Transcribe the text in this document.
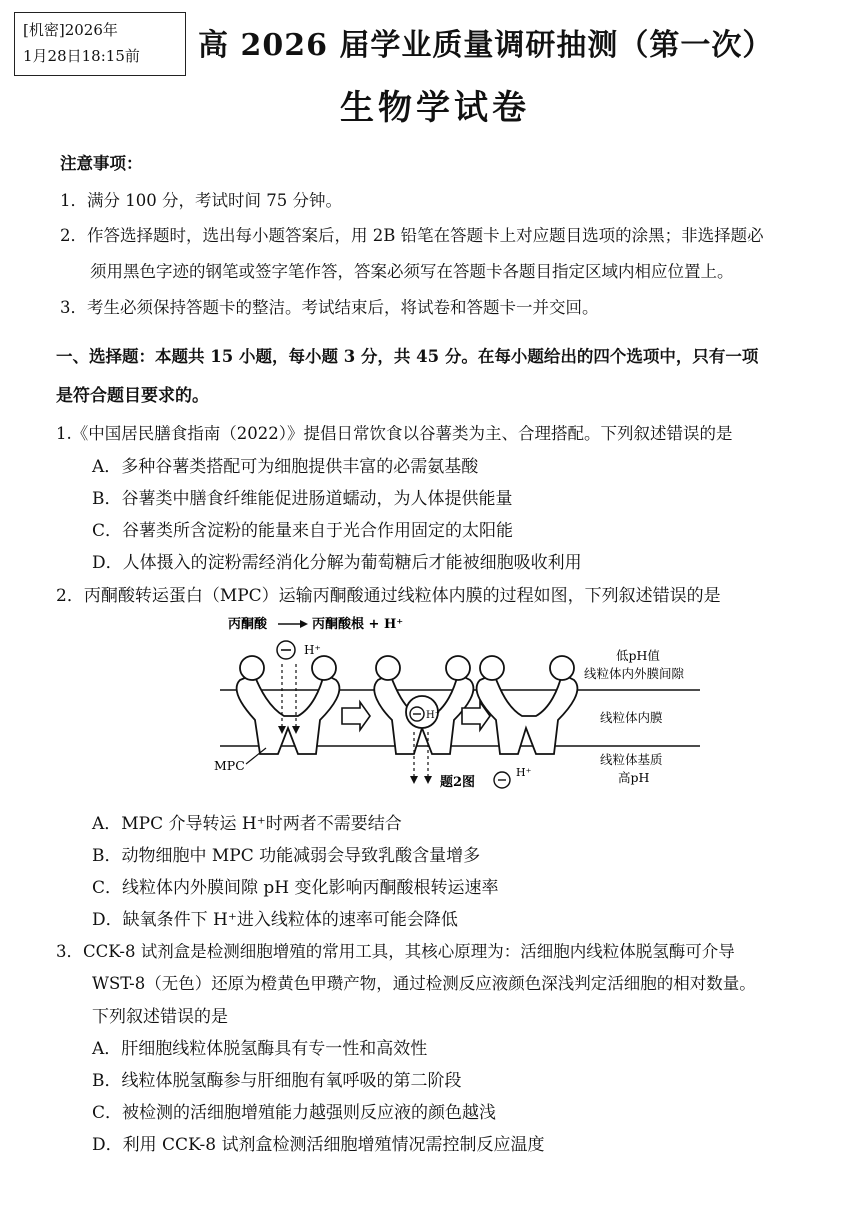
[机密]2026年
1月28日18:15前	高 2026 届学业质量调研抽测（第一次）
生物学试卷
注意事项：
1．满分 100 分，考试时间 75 分钟。
2．作答选择题时，选出每小题答案后，用 2B 铅笔在答题卡上对应题目选项的涂黑；非选择题必
须用黑色字迹的钢笔或签字笔作答，答案必须写在答题卡各题目指定区域内相应位置上。
3．考生必须保持答题卡的整洁。考试结束后，将试卷和答题卡一并交回。
一、选择题：本题共 15 小题，每小题 3 分，共 45 分。在每小题给出的四个选项中，只有一项
是符合题目要求的。
1.《中国居民膳食指南（2022）》提倡日常饮食以谷薯类为主、合理搭配。下列叙述错误的是
A．多种谷薯类搭配可为细胞提供丰富的必需氨基酸
B．谷薯类中膳食纤维能促进肠道蠕动，为人体提供能量
C．谷薯类所含淀粉的能量来自于光合作用固定的太阳能
D．人体摄入的淀粉需经消化分解为葡萄糖后才能被细胞吸收利用
2．丙酮酸转运蛋白（MPC）运输丙酮酸通过线粒体内膜的过程如图，下列叙述错误的是
丙酮酸	丙酮酸根 + H⁺
H⁺
H⁺
低pH值
线粒体内外膜间隙
线粒体内膜
线粒体基质
高pH
MPC
题2图
H⁺
A．MPC 介导转运 H⁺时两者不需要结合
B．动物细胞中 MPC 功能减弱会导致乳酸含量增多
C．线粒体内外膜间隙 pH 变化影响丙酮酸根转运速率
D．缺氧条件下 H⁺进入线粒体的速率可能会降低
3．CCK-8 试剂盒是检测细胞增殖的常用工具，其核心原理为：活细胞内线粒体脱氢酶可介导
WST-8（无色）还原为橙黄色甲瓒产物，通过检测反应液颜色深浅判定活细胞的相对数量。
下列叙述错误的是
A．肝细胞线粒体脱氢酶具有专一性和高效性
B．线粒体脱氢酶参与肝细胞有氧呼吸的第二阶段
C．被检测的活细胞增殖能力越强则反应液的颜色越浅
D．利用 CCK-8 试剂盒检测活细胞增殖情况需控制反应温度
